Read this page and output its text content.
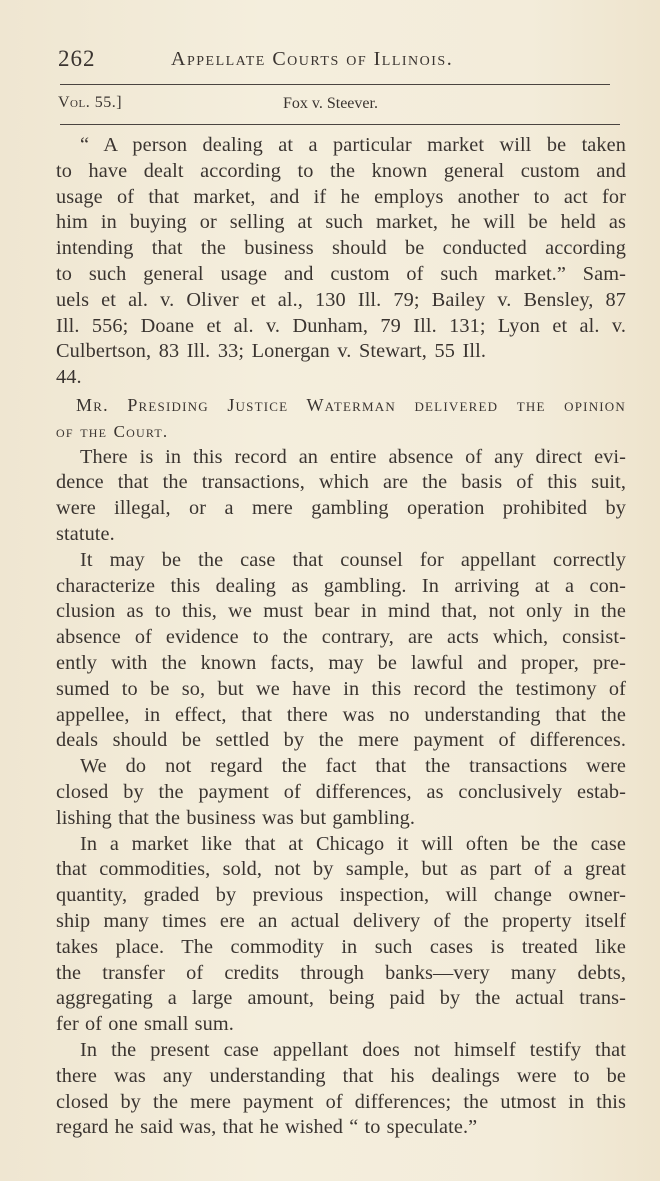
262	Appellate Courts of Illinois.
Vol. 55.]	Fox v. Steever.
“ A person dealing at a particular market will be taken
to have dealt according to the known general custom and
usage of that market, and if he employs another to act for
him in buying or selling at such market, he will be held as
intending that the business should be conducted according
to such general usage and custom of such market.” Sam-
uels et al. v. Oliver et al., 130 Ill. 79; Bailey v. Bensley, 87
Ill. 556; Doane et al. v. Dunham, 79 Ill. 131; Lyon et al. v.
Culbertson, 83 Ill. 33; Lonergan v. Stewart, 55 Ill. 44.
Mr. Presiding Justice Waterman delivered the opinion
of the Court.
There is in this record an entire absence of any direct evi-
dence that the transactions, which are the basis of this suit,
were illegal, or a mere gambling operation prohibited by
statute.
It may be the case that counsel for appellant correctly
characterize this dealing as gambling. In arriving at a con-
clusion as to this, we must bear in mind that, not only in the
absence of evidence to the contrary, are acts which, consist-
ently with the known facts, may be lawful and proper, pre-
sumed to be so, but we have in this record the testimony of
appellee, in effect, that there was no understanding that the
deals should be settled by the mere payment of differences.
We do not regard the fact that the transactions were
closed by the payment of differences, as conclusively estab-
lishing that the business was but gambling.
In a market like that at Chicago it will often be the case
that commodities, sold, not by sample, but as part of a great
quantity, graded by previous inspection, will change owner-
ship many times ere an actual delivery of the property itself
takes place. The commodity in such cases is treated like
the transfer of credits through banks—very many debts,
aggregating a large amount, being paid by the actual trans-
fer of one small sum.
In the present case appellant does not himself testify that
there was any understanding that his dealings were to be
closed by the mere payment of differences; the utmost in this
regard he said was, that he wished “ to speculate.”
